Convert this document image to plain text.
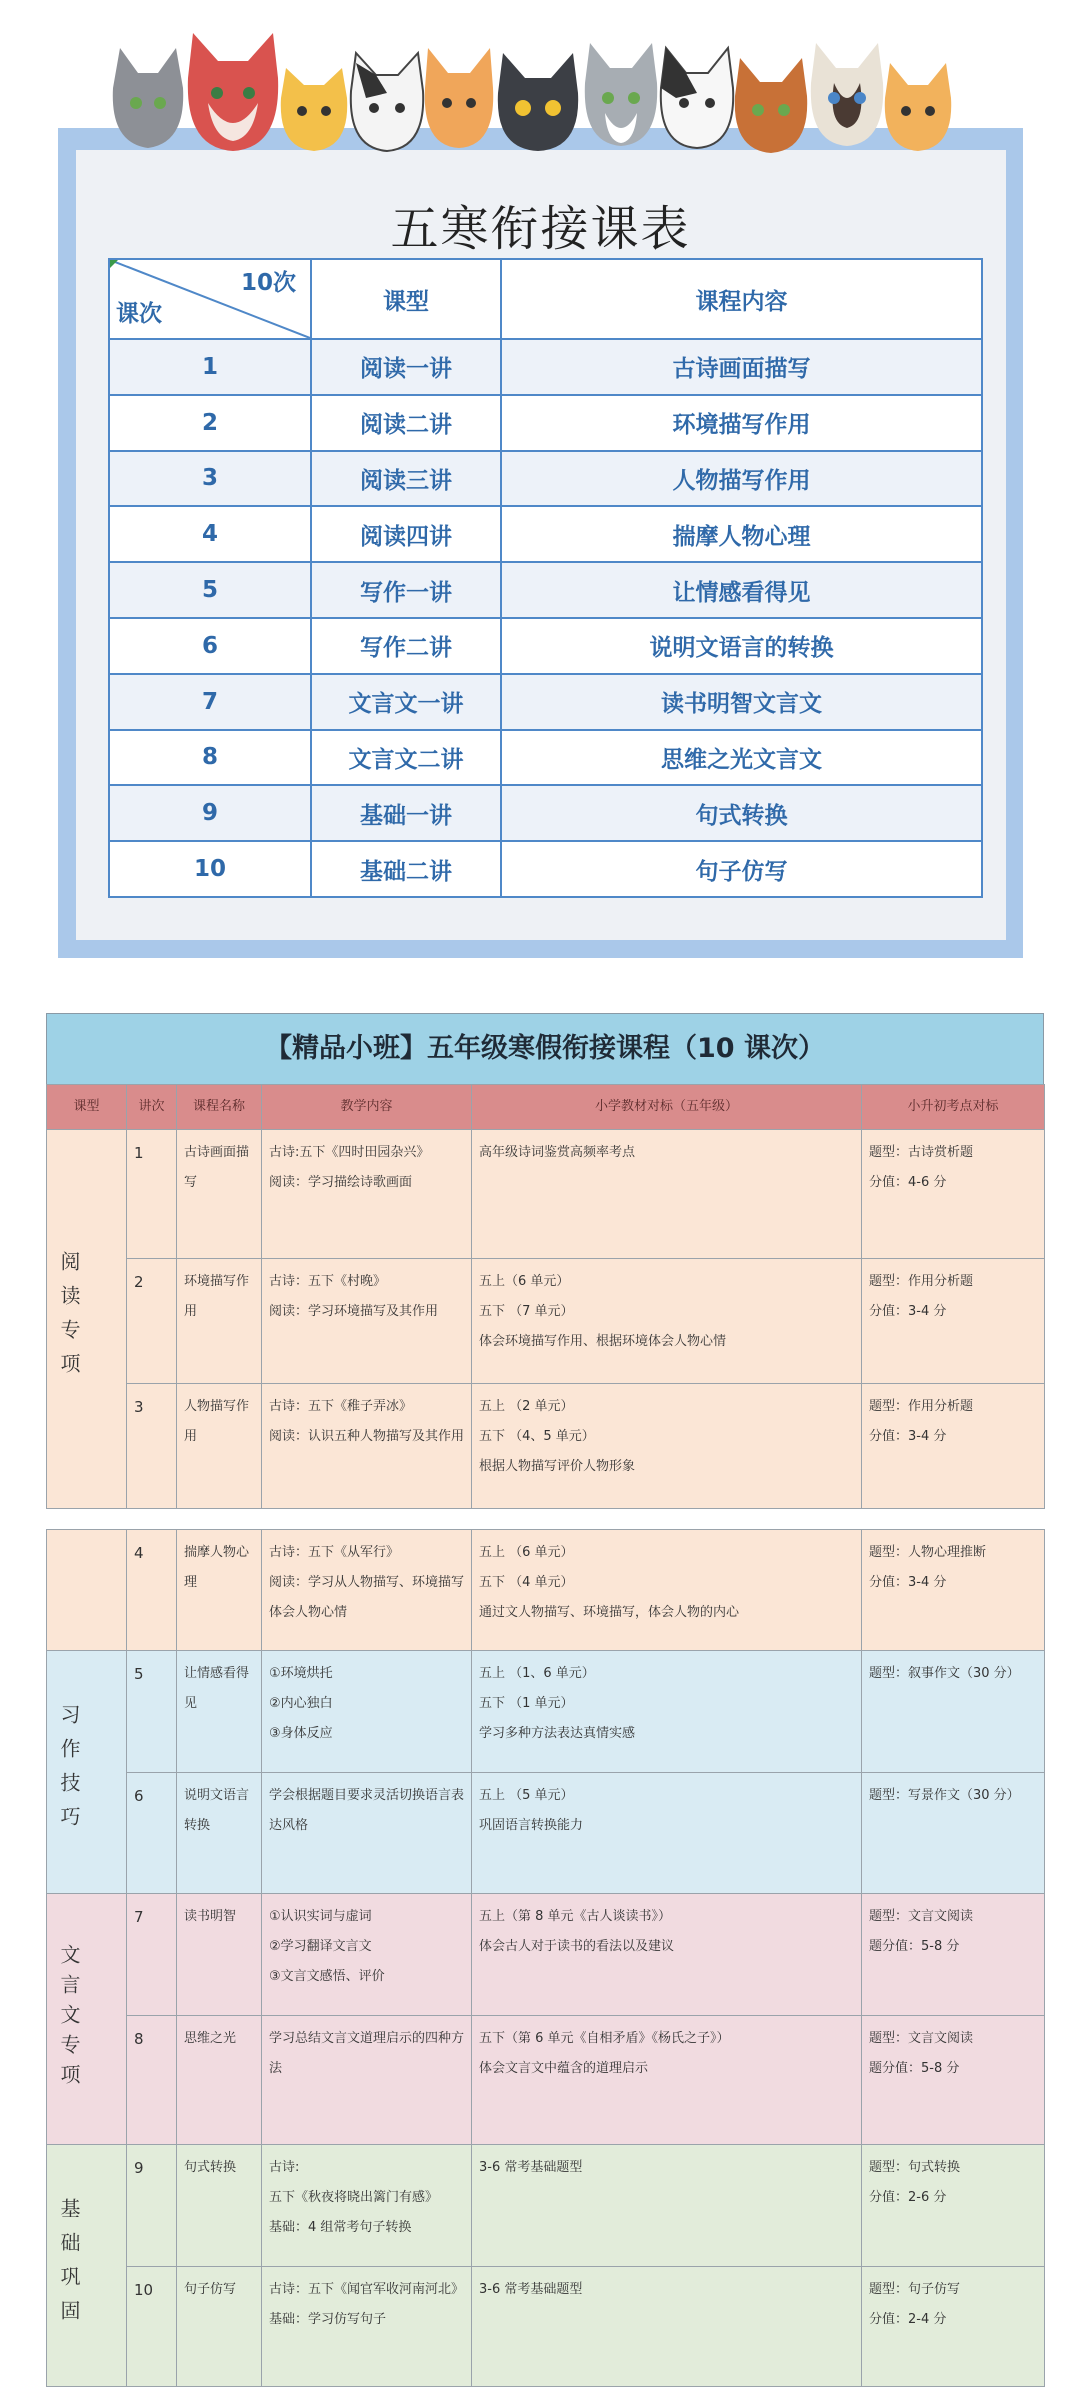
五寒衔接课表
10次
课次	课型	课程内容
1	阅读一讲	古诗画面描写
2	阅读二讲	环境描写作用
3	阅读三讲	人物描写作用
4	阅读四讲	揣摩人物心理
5	写作一讲	让情感看得见
6	写作二讲	说明文语言的转换
7	文言文一讲	读书明智文言文
8	文言文二讲	思维之光文言文
9	基础一讲	句式转换
10	基础二讲	句子仿写
【精品小班】五年级寒假衔接课程（10 课次）
课型	讲次	课程名称	教学内容	小学教材对标（五年级）	小升初考点对标
阅读专项	1	古诗画面描写	古诗:五下《四时田园杂兴》
阅读：学习描绘诗歌画面	高年级诗词鉴赏高频率考点	题型：古诗赏析题
分值：4-6 分

	2	环境描写作用	古诗：五下《村晚》
阅读：学习环境描写及其作用	五上（6 单元）
五下 （7 单元）
体会环境描写作用、根据环境体会人物心情	题型：作用分析题
分值：3-4 分

	3	人物描写作用	古诗：五下《稚子弄冰》
阅读：认识五种人物描写及其作用	五上 （2 单元）
五下 （4、5 单元）
根据人物描写评价人物形象	题型：作用分析题
分值：3-4 分
	4	揣摩人物心理	古诗：五下《从军行》
阅读：学习从人物描写、环境描写体会人物心情	五上 （6 单元）
五下 （4 单元）
通过文人物描写、环境描写，体会人物的内心	题型：人物心理推断
分值：3-4 分

习作技巧	5	让情感看得见	①环境烘托
②内心独白
③身体反应	五上 （1、6 单元）
五下 （1 单元）
学习多种方法表达真情实感	题型：叙事作文（30 分）

	6	说明文语言转换	学会根据题目要求灵活切换语言表达风格	五上 （5 单元）
巩固语言转换能力	题型：写景作文（30 分）

文言文专项	7	读书明智	①认识实词与虚词
②学习翻译文言文
③文言文感悟、评价	五上（第 8 单元《古人谈读书》）
体会古人对于读书的看法以及建议	题型：文言文阅读
题分值：5-8 分

	8	思维之光	学习总结文言文道理启示的四种方法	五下（第 6 单元《自相矛盾》《杨氏之子》）
体会文言文中蕴含的道理启示	题型：文言文阅读
题分值：5-8 分

基础巩固	9	句式转换	古诗:
五下《秋夜将晓出篱门有感》
基础：4 组常考句子转换	3-6 常考基础题型	题型：句式转换
分值：2-6 分

	10	句子仿写	古诗：五下《闻官军收河南河北》
基础：学习仿写句子	3-6 常考基础题型	题型：句子仿写
分值：2-4 分
